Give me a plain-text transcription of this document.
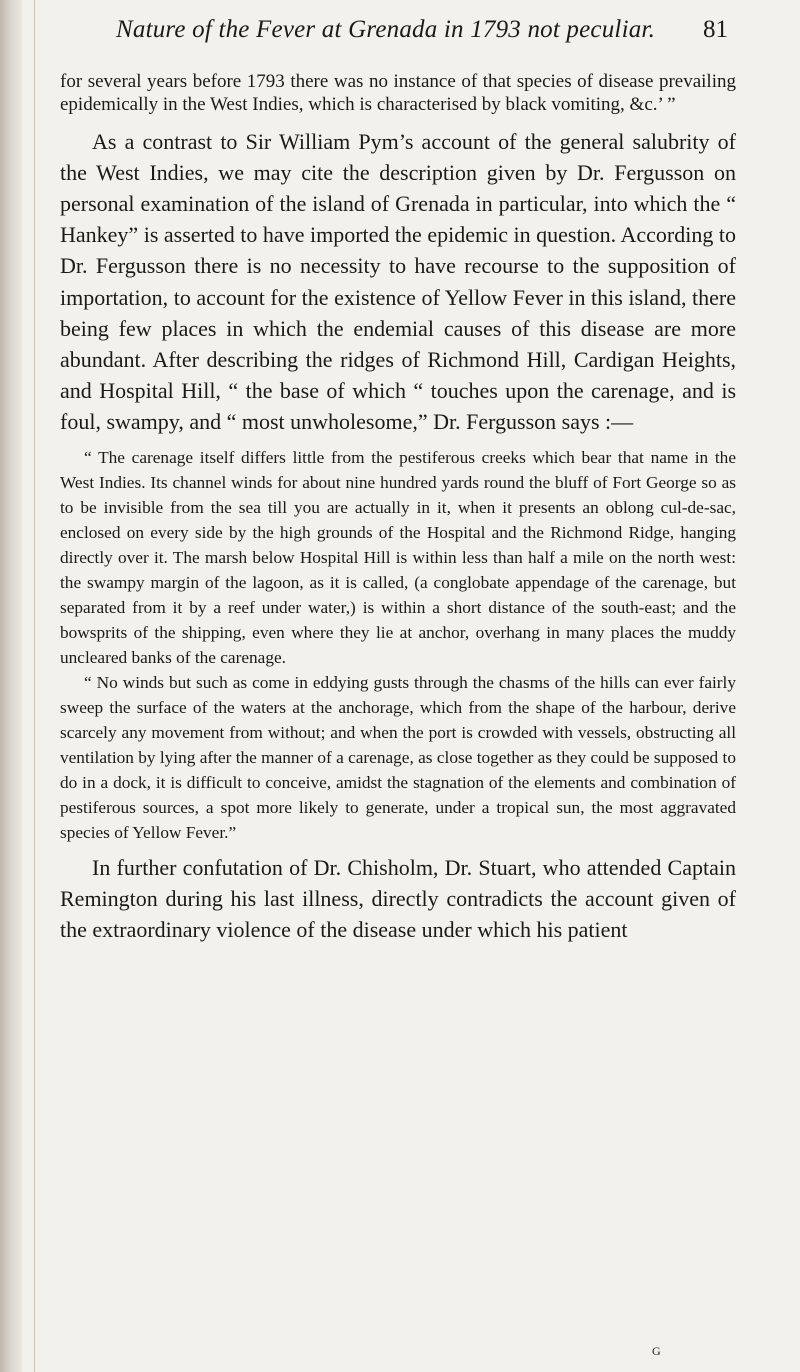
Nature of the Fever at Grenada in 1793 not peculiar. 81

for several years before 1793 there was no instance of that species of disease prevailing epidemically in the West Indies, which is characterised by black vomiting, &c.’ ”

As a contrast to Sir William Pym’s account of the general salubrity of the West Indies, we may cite the description given by Dr. Fergusson on personal examination of the island of Grenada in particular, into which the “ Hankey” is asserted to have imported the epidemic in question. According to Dr. Fergusson there is no necessity to have recourse to the supposition of importation, to account for the existence of Yellow Fever in this island, there being few places in which the endemial causes of this disease are more abundant. After describing the ridges of Richmond Hill, Cardigan Heights, and Hospital Hill, “ the base of which “ touches upon the carenage, and is foul, swampy, and “ most unwholesome,” Dr. Fergusson says :—

“ The carenage itself differs little from the pestiferous creeks which bear that name in the West Indies. Its channel winds for about nine hundred yards round the bluff of Fort George so as to be invisible from the sea till you are actually in it, when it presents an oblong cul-de-sac, enclosed on every side by the high grounds of the Hospital and the Richmond Ridge, hanging directly over it. The marsh below Hospital Hill is within less than half a mile on the north west: the swampy margin of the lagoon, as it is called, (a conglobate appendage of the carenage, but separated from it by a reef under water,) is within a short distance of the south-east; and the bowsprits of the shipping, even where they lie at anchor, overhang in many places the muddy uncleared banks of the carenage.

“ No winds but such as come in eddying gusts through the chasms of the hills can ever fairly sweep the surface of the waters at the anchorage, which from the shape of the harbour, derive scarcely any movement from without; and when the port is crowded with vessels, obstructing all ventilation by lying after the manner of a carenage, as close together as they could be supposed to do in a dock, it is difficult to conceive, amidst the stagnation of the elements and combination of pestiferous sources, a spot more likely to generate, under a tropical sun, the most aggravated species of Yellow Fever.”

In further confutation of Dr. Chisholm, Dr. Stuart, who attended Captain Remington during his last illness, directly contradicts the account given of the extraordinary violence of the disease under which his patient

G
